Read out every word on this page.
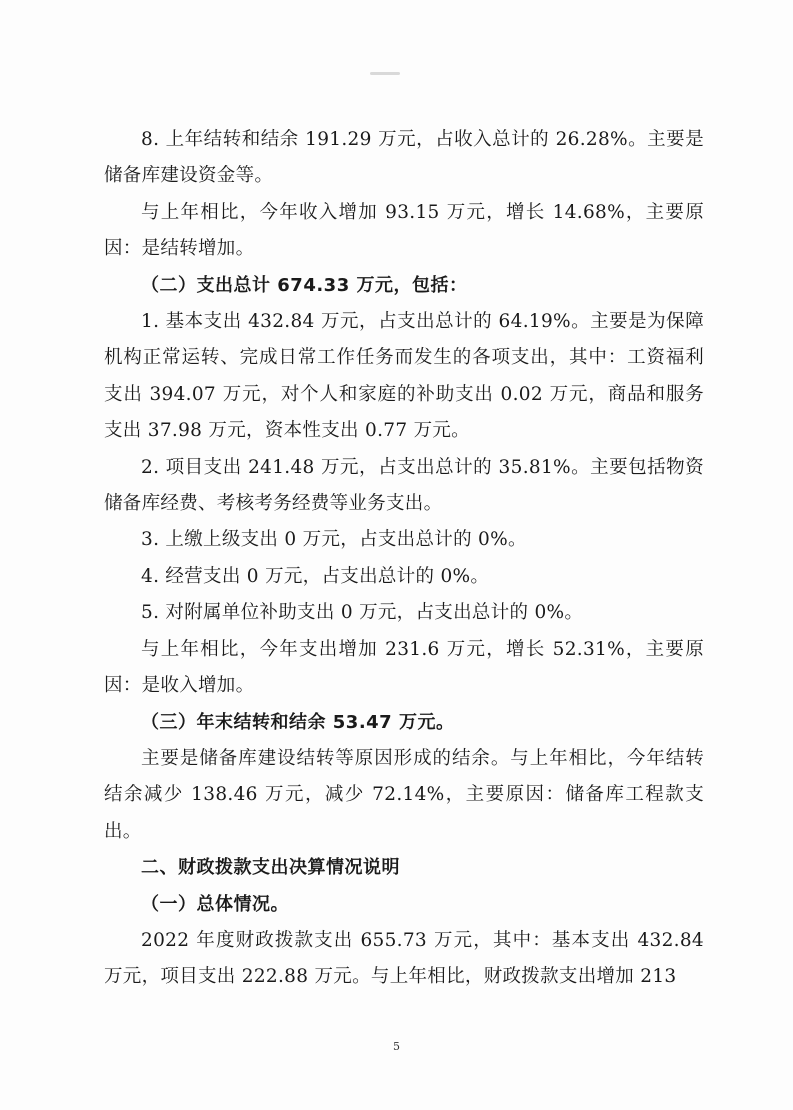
8. 上年结转和结余 191.29 万元，占收入总计的 26.28%。主要是储备库建设资金等。

与上年相比，今年收入增加 93.15 万元，增长 14.68%，主要原因：是结转增加。

（二）支出总计 674.33 万元，包括：

1. 基本支出 432.84 万元，占支出总计的 64.19%。主要是为保障机构正常运转、完成日常工作任务而发生的各项支出，其中：工资福利支出 394.07 万元，对个人和家庭的补助支出 0.02 万元，商品和服务支出 37.98 万元，资本性支出 0.77 万元。

2. 项目支出 241.48 万元，占支出总计的 35.81%。主要包括物资储备库经费、考核考务经费等业务支出。

3. 上缴上级支出 0 万元，占支出总计的 0%。

4. 经营支出 0 万元，占支出总计的 0%。

5. 对附属单位补助支出 0 万元，占支出总计的 0%。

与上年相比，今年支出增加 231.6 万元，增长 52.31%，主要原因：是收入增加。

（三）年末结转和结余 53.47 万元。

主要是储备库建设结转等原因形成的结余。与上年相比，今年结转结余减少 138.46 万元，减少 72.14%，主要原因：储备库工程款支出。

二、财政拨款支出决算情况说明

（一）总体情况。

2022 年度财政拨款支出 655.73 万元，其中：基本支出 432.84 万元，项目支出 222.88 万元。与上年相比，财政拨款支出增加 213

5
